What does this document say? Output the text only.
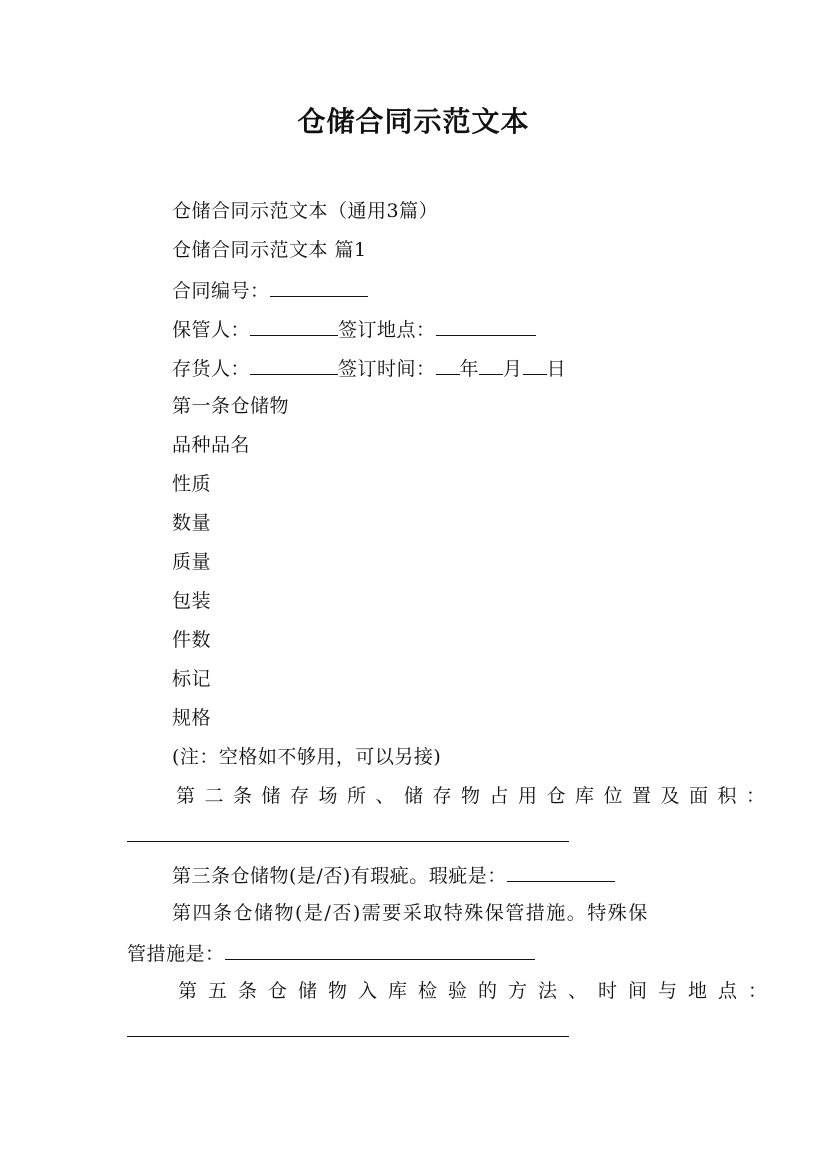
仓储合同示范文本
仓储合同示范文本（通用3篇）
仓储合同示范文本 篇1
合同编号：
保管人：	签订地点：
存货人：	签订时间： 年 月 日
第一条仓储物
品种品名
性质
数量
质量
包装
件数
标记
规格
(注：空格如不够用，可以另接)
第二条储存场所、储存物占用仓库位置及面积：
第三条仓储物(是/否)有瑕疵。瑕疵是：
第四条仓储物(是/否)需要采取特殊保管措施。特殊保
管措施是：
第五条仓储物入库检验的方法、时间与地点：
